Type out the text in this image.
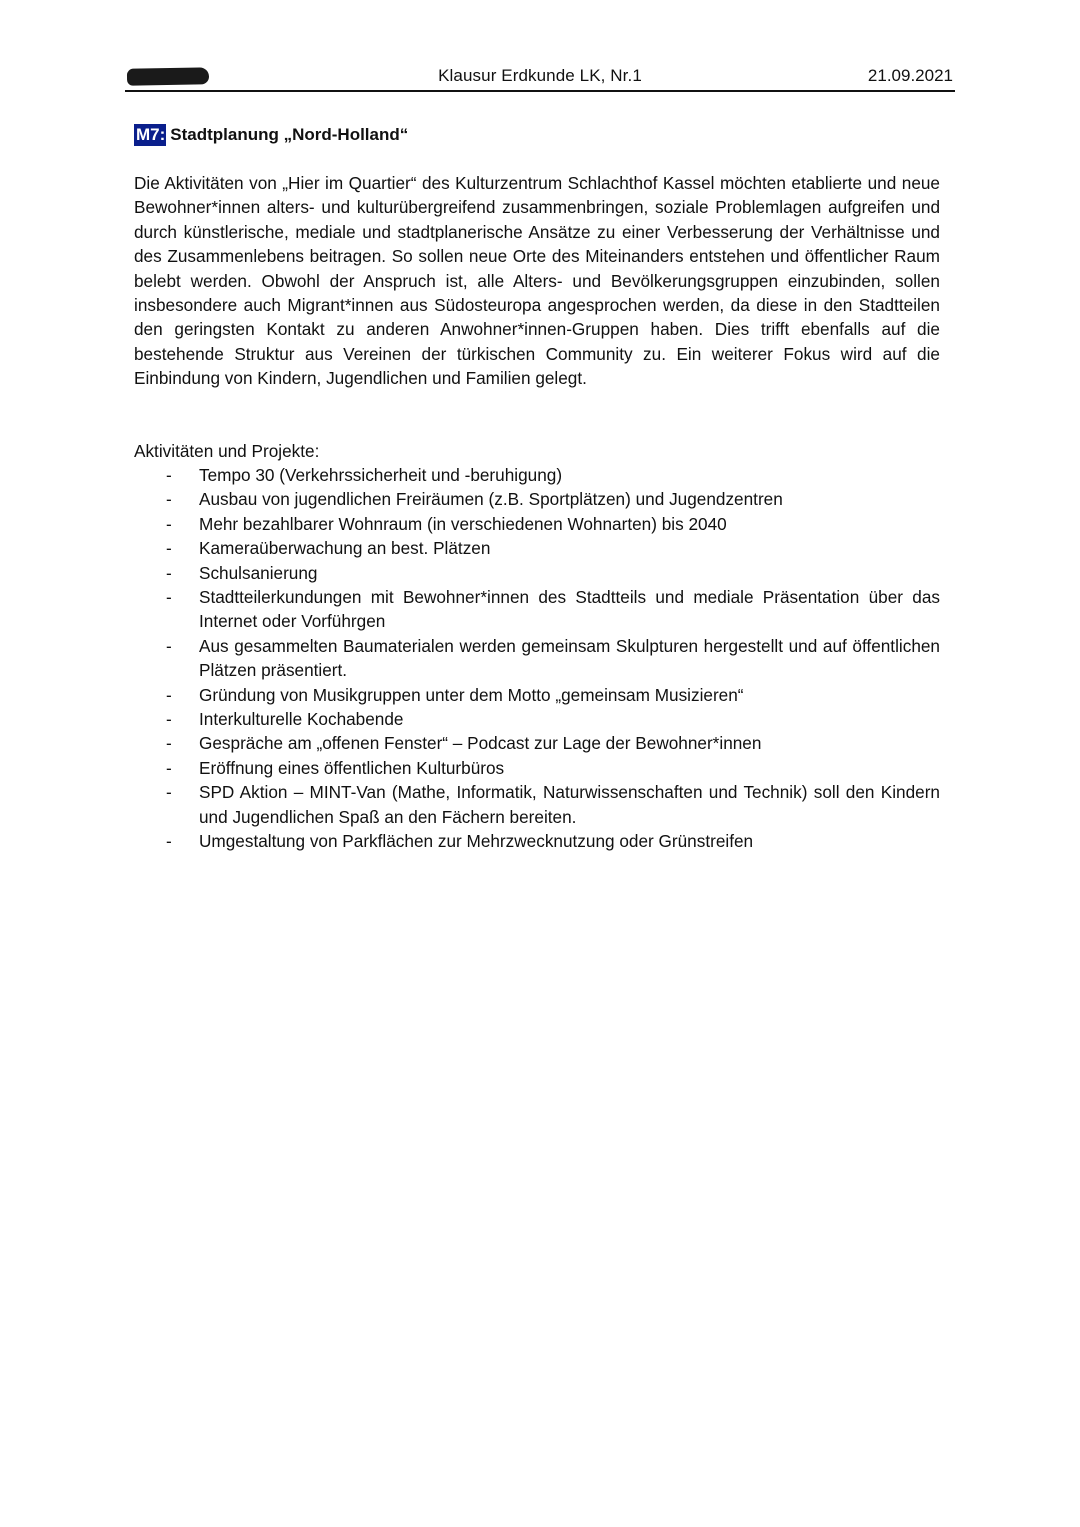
Klausur Erdkunde LK, Nr.1	21.09.2021
M7: Stadtplanung „Nord-Holland“

Die Aktivitäten von „Hier im Quartier“ des Kulturzentrum Schlachthof Kassel möchten etablierte und neue Bewohner*innen alters- und kulturübergreifend zusammenbringen, soziale Problemlagen aufgreifen und durch künstlerische, mediale und stadtplanerische Ansätze zu einer Verbesserung der Verhältnisse und des Zusammenlebens beitragen. So sollen neue Orte des Miteinanders entstehen und öffentlicher Raum belebt werden. Obwohl der Anspruch ist, alle Alters- und Bevölkerungsgruppen einzubinden, sollen insbesondere auch Migrant*innen aus Südosteuropa angesprochen werden, da diese in den Stadtteilen den geringsten Kontakt zu anderen Anwohner*innen-Gruppen haben. Dies trifft ebenfalls auf die bestehende Struktur aus Vereinen der türkischen Community zu. Ein weiterer Fokus wird auf die Einbindung von Kindern, Jugendlichen und Familien gelegt.

Aktivitäten und Projekte:
- Tempo 30 (Verkehrssicherheit und -beruhigung)
- Ausbau von jugendlichen Freiräumen (z.B. Sportplätzen) und Jugendzentren
- Mehr bezahlbarer Wohnraum (in verschiedenen Wohnarten) bis 2040
- Kameraüberwachung an best. Plätzen
- Schulsanierung
- Stadtteilerkundungen mit Bewohner*innen des Stadtteils und mediale Präsentation über das Internet oder Vorführgen
- Aus gesammelten Baumaterialen werden gemeinsam Skulpturen hergestellt und auf öffentlichen Plätzen präsentiert.
- Gründung von Musikgruppen unter dem Motto „gemeinsam Musizieren“
- Interkulturelle Kochabende
- Gespräche am „offenen Fenster“ – Podcast zur Lage der Bewohner*innen
- Eröffnung eines öffentlichen Kulturbüros
- SPD Aktion – MINT-Van (Mathe, Informatik, Naturwissenschaften und Technik) soll den Kindern und Jugendlichen Spaß an den Fächern bereiten.
- Umgestaltung von Parkflächen zur Mehrzwecknutzung oder Grünstreifen
